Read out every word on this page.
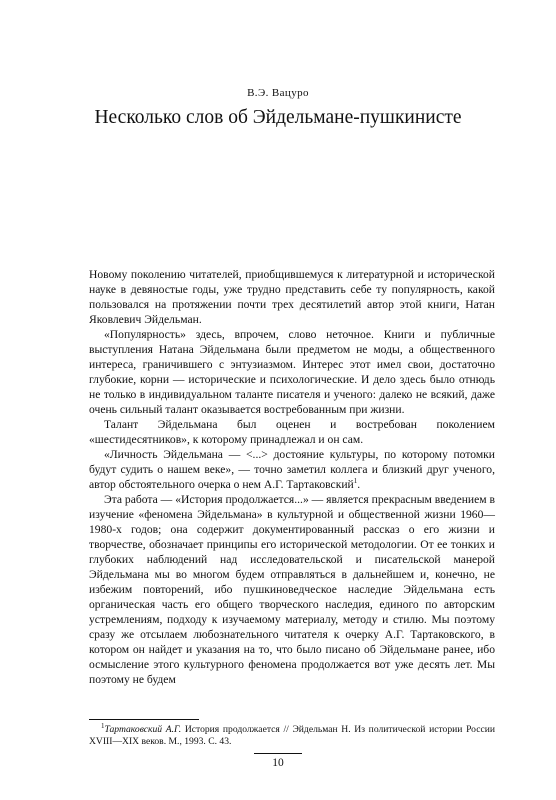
В.Э. Вацуро
Несколько слов об Эйдельмане-пушкинисте

Новому поколению читателей, приобщившемуся к литературной и исторической науке в девяностые годы, уже трудно представить себе ту популярность, какой пользовался на протяжении почти трех десятилетий автор этой книги, Натан Яковлевич Эйдельман.

«Популярность» здесь, впрочем, слово неточное. Книги и публичные выступления Натана Эйдельмана были предметом не моды, а общественного интереса, граничившего с энтузиазмом. Интерес этот имел свои, достаточно глубокие, корни — исторические и психологические. И дело здесь было отнюдь не только в индивидуальном таланте писателя и ученого: далеко не всякий, даже очень сильный талант оказывается востребованным при жизни.

Талант Эйдельмана был оценен и востребован поколением «шестидесятников», к которому принадлежал и он сам.

«Личность Эйдельмана — <...> достояние культуры, по которому потомки будут судить о нашем веке», — точно заметил коллега и близкий друг ученого, автор обстоятельного очерка о нем А.Г. Тартаковский$^1$.

Эта работа — «История продолжается...» — является прекрасным введением в изучение «феномена Эйдельмана» в культурной и общественной жизни 1960—1980-х годов; она содержит документированный рассказ о его жизни и творчестве, обозначает принципы его исторической методологии. От ее тонких и глубоких наблюдений над исследовательской и писательской манерой Эйдельмана мы во многом будем отправляться в дальнейшем и, конечно, не избежим повторений, ибо пушкиноведческое наследие Эйдельмана есть органическая часть его общего творческого наследия, единого по авторским устремлениям, подходу к изучаемому материалу, методу и стилю. Мы поэтому сразу же отсылаем любознательного читателя к очерку А.Г. Тартаковского, в котором он найдет и указания на то, что было писано об Эйдельмане ранее, ибо осмысление этого культурного феномена продолжается вот уже десять лет. Мы поэтому не будем

$^1$Тартаковский А.Г. История продолжается // Эйдельман Н. Из политической истории России XVIII—XIX веков. М., 1993. С. 43.
10
